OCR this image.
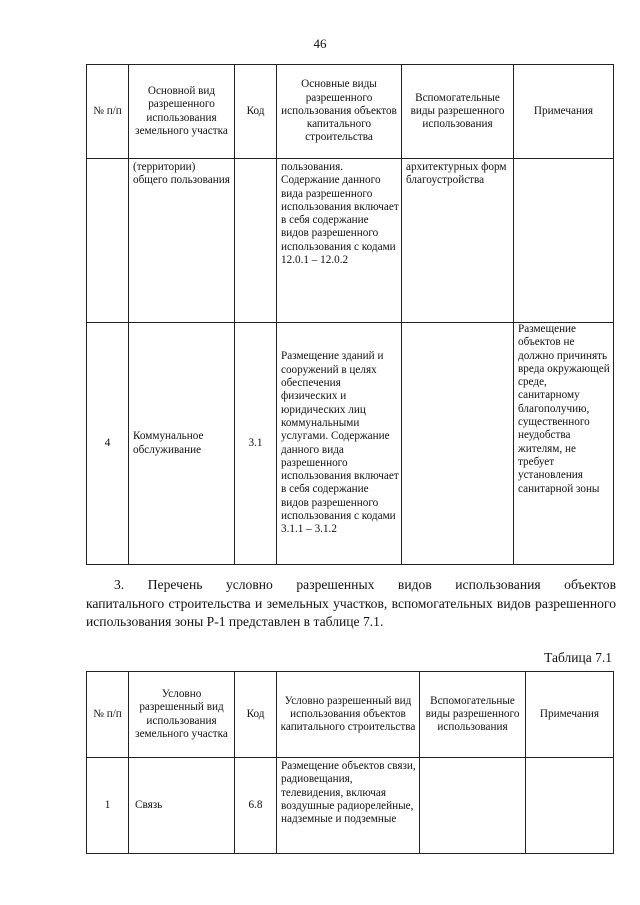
46
№ п/п	Основной вид разрешенного использования земельного участка	Код	Основные виды разрешенного использования объектов капитального строительства	Вспомогательные виды разрешенного использования	Примечания
	(территории) общего пользования		пользования. Содержание данного вида разрешенного использования включает в себя содержание видов разрешенного использования с кодами 12.0.1 – 12.0.2	архитектурных форм благоустройства	
4	Коммунальное обслуживание	3.1	Размещение зданий и сооружений в целях обеспечения физических и юридических лиц коммунальными услугами. Содержание данного вида разрешенного использования включает в себя содержание видов разрешенного использования с кодами 3.1.1 – 3.1.2		Размещение объектов не должно причинять вреда окружающей среде, санитарному благополучию, существенного неудобства жителям, не требует установления санитарной зоны

3. Перечень условно разрешенных видов использования объектов

капитального строительства и земельных участков, вспомогательных видов разрешенного использования зоны Р-1 представлен в таблице 7.1.

Таблица 7.1
№ п/п	Условно разрешенный вид использования земельного участка	Код	Условно разрешенный вид использования объектов капитального строительства	Вспомогательные виды разрешенного использования	Примечания
1	Связь	6.8	Размещение объектов связи, радиовещания, телевидения, включая воздушные радиорелейные, надземные и подземные		
